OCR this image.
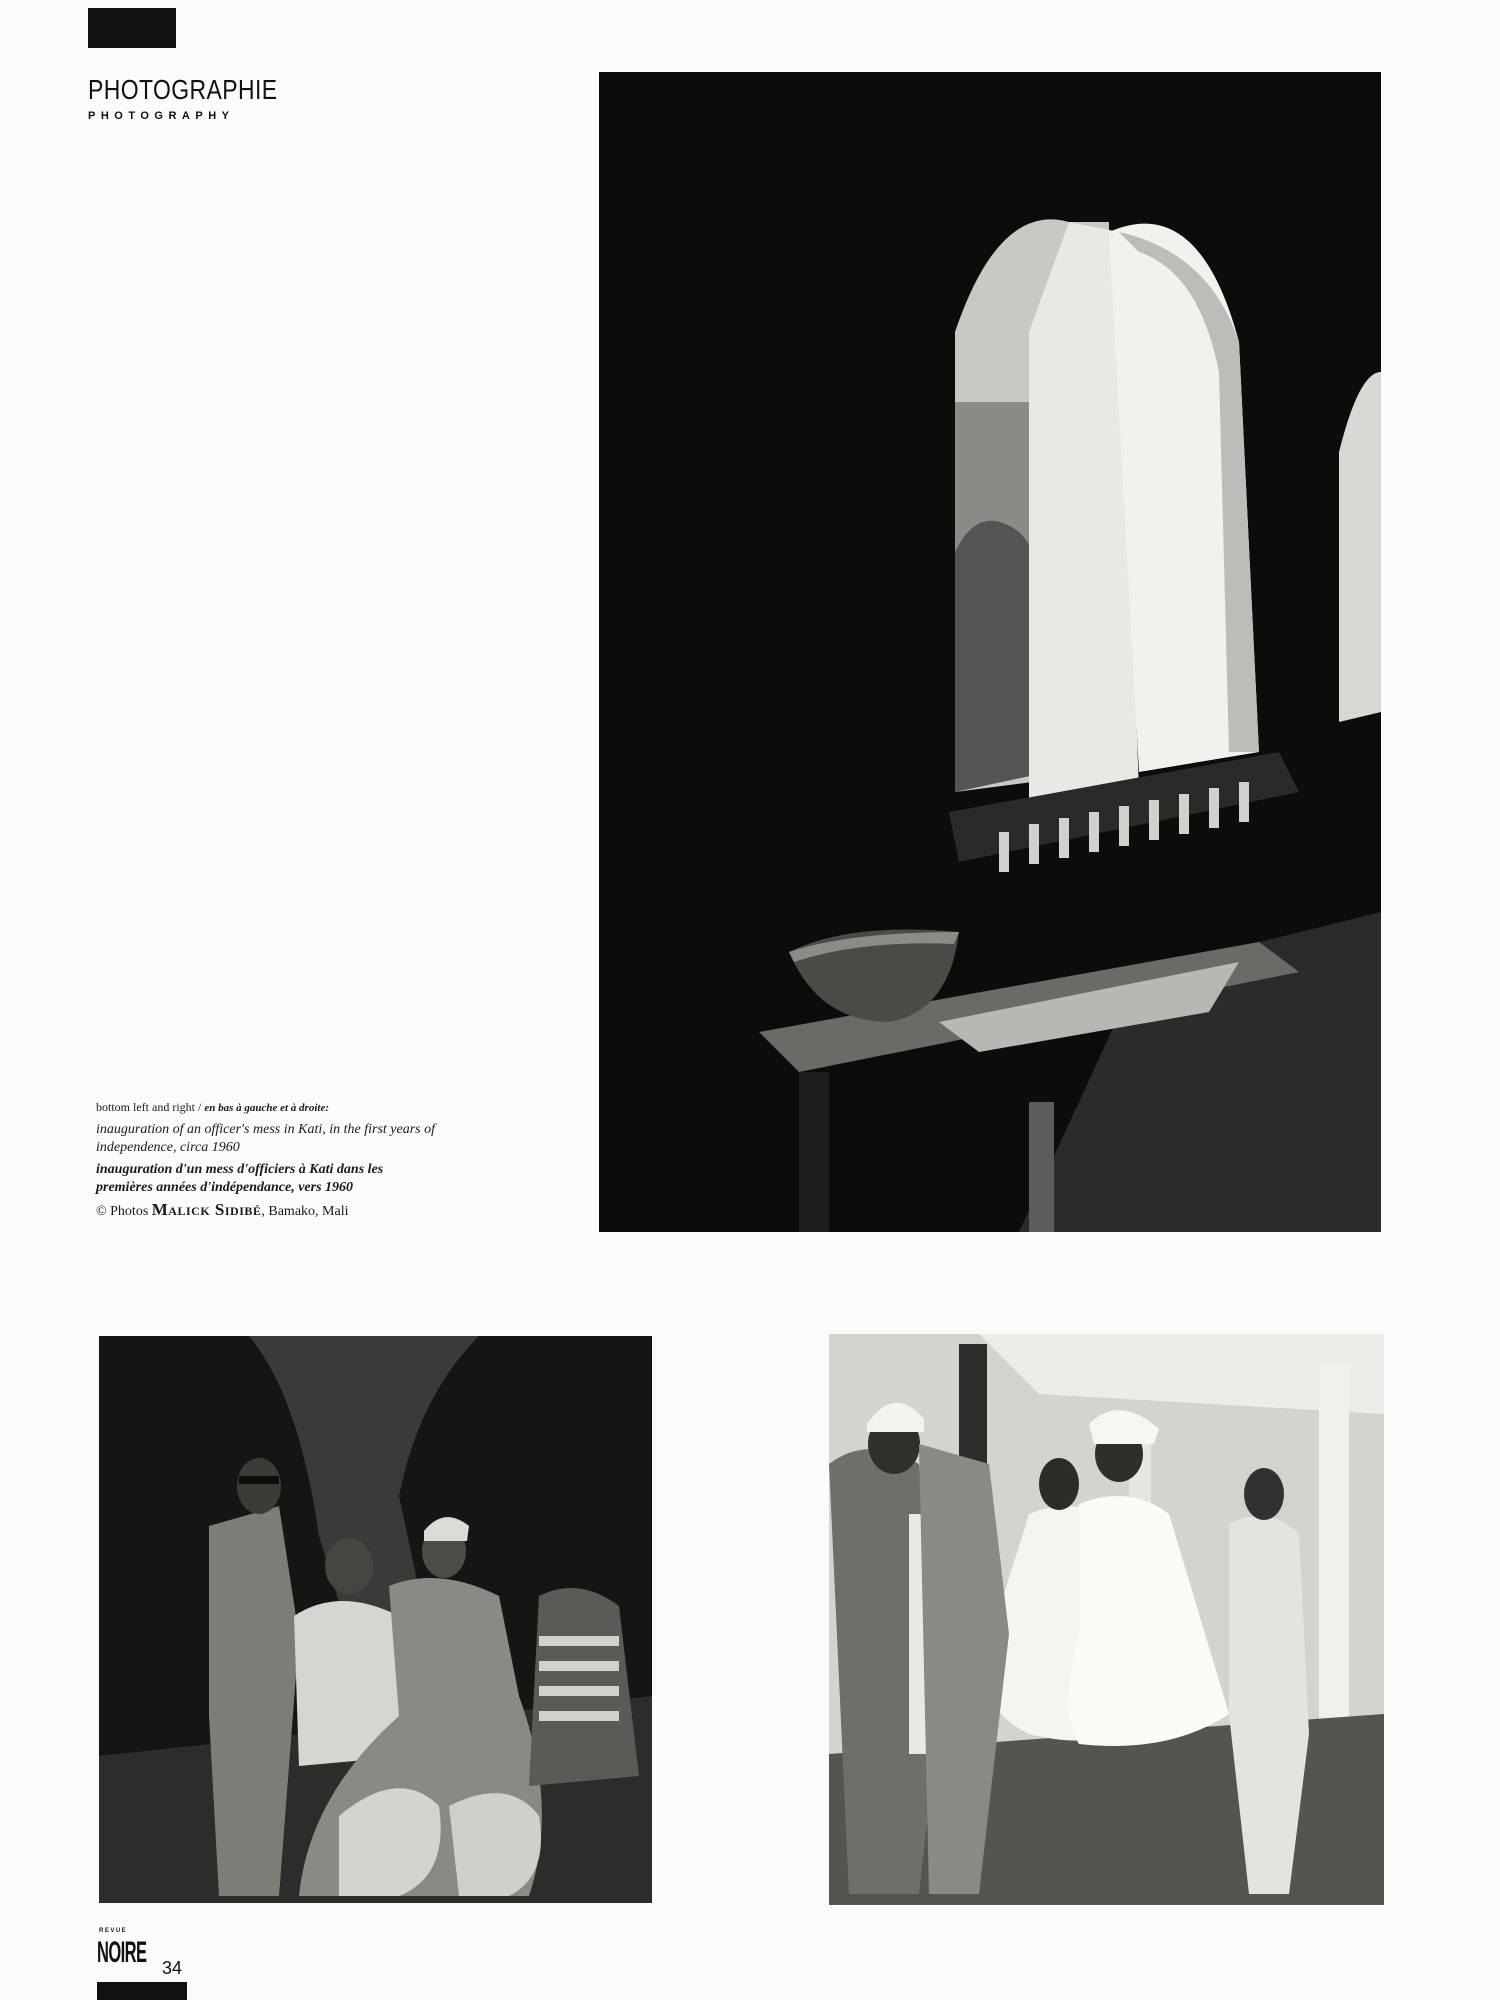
PHOTOGRAPHIE
PHOTOGRAPHY
bottom left and right / en bas à gauche et à droite:
inauguration of an officer's mess in Kati, in the first years of independence, circa 1960
inauguration d'un mess d'officiers à Kati dans les premières années d'indépendance, vers 1960
© Photos Malick Sidibé, Bamako, Mali
REVUE
NOIRE 34
